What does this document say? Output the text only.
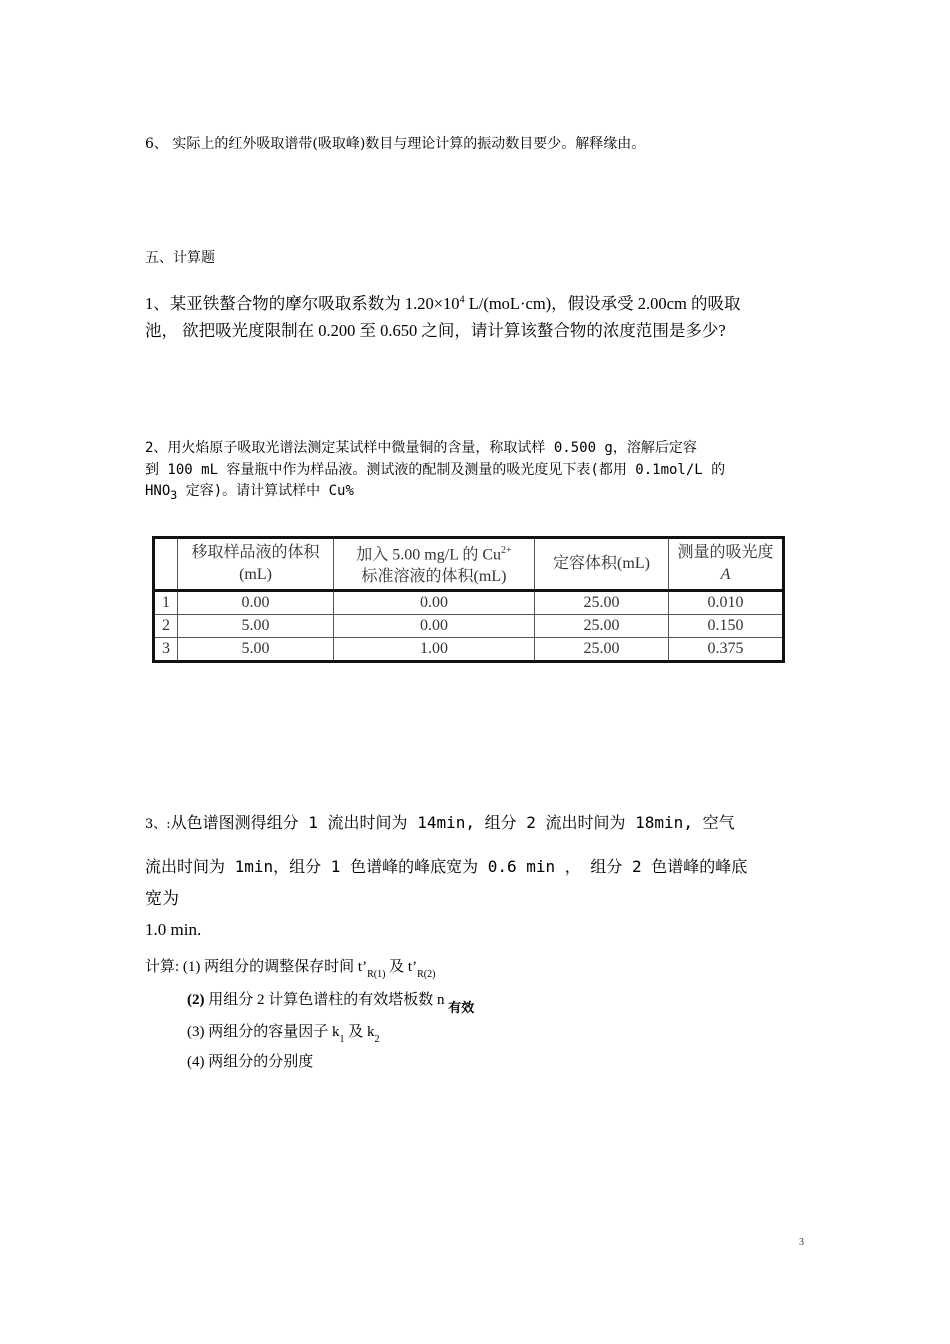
6、 实际上的红外吸取谱带(吸取峰)数目与理论计算的振动数目要少。解释缘由。
五、计算题
1、某亚铁螯合物的摩尔吸取系数为 $1.20\times 10^4$ L/(moL·cm)，假设承受 2.00cm 的吸取
池， 欲把吸光度限制在 0.200 至 0.650 之间，请计算该螯合物的浓度范围是多少?
2、用火焰原子吸取光谱法测定某试样中微量铜的含量，称取试样 0.500 g，溶解后定容
到 100 mL 容量瓶中作为样品液。测试液的配制及测量的吸光度见下表(都用 0.1mol/L 的
$HNO_3$ 定容)。请计算试样中 Cu%
	移取样品液的体积
(mL)	加入 5.00 mg/L 的 $Cu^{2+}$
标准溶液的体积(mL)	定容体积(mL)	测量的吸光度
A
1	0.00	0.00	25.00	0.010
2	5.00	0.00	25.00	0.150
3	5.00	1.00	25.00	0.375
3、:从色谱图测得组分 1 流出时间为 14min, 组分 2 流出时间为 18min, 空气
流出时间为 1min，组分 1 色谱峰的峰底宽为 0.6 min ， 组分 2 色谱峰的峰底
宽为
1.0 min.
计算: (1) 两组分的调整保存时间 $t’_{R(1)}$ 及 $t’_{R(2)}$
(2) 用组分 2 计算色谱柱的有效塔板数 n 有效
(3) 两组分的容量因子 $k_1$ 及 $k_2$
(4) 两组分的分别度
3
